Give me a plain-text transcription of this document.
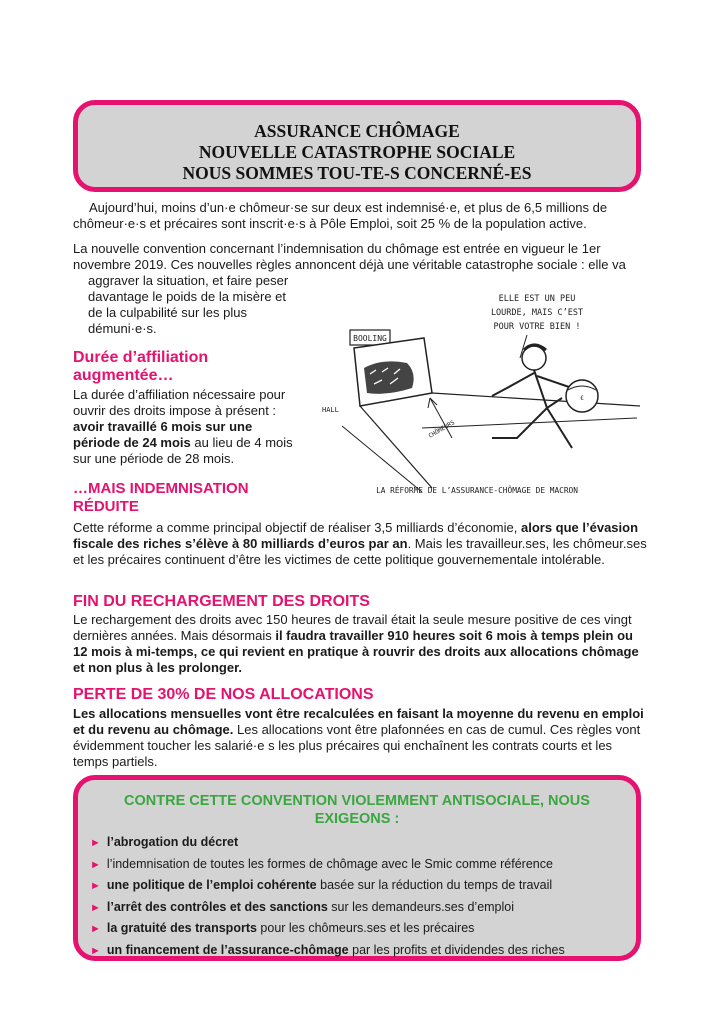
ASSURANCE CHÔMAGE
NOUVELLE CATASTROPHE SOCIALE
NOUS SOMMES TOU-TE-S CONCERNÉ-ES

Aujourd’hui, moins d’un·e chômeur·se sur deux est indemnisé·e, et plus de 6,5 millions de chômeur·e·s et précaires sont inscrit·e·s à Pôle Emploi, soit 25 % de la population active.

La nouvelle convention concernant l’indemnisation du chômage est entrée en vigueur le 1er novembre 2019. Ces nouvelles règles annoncent déjà une véritable catastrophe sociale : elle va

aggraver la situation, et faire peser davantage le poids de la misère et de la culpabilité sur les plus démuni·e·s.

Durée d’affiliation augmentée…

La durée d’affiliation nécessaire pour ouvrir des droits impose à présent : avoir travaillé 6 mois sur une période de 24 mois au lieu de 4 mois sur une période de 28 mois.

ELLE EST UN PEU
LOURDE, MAIS C’EST
POUR VOTRE BIEN !
BOOLING
CHÔMEURS
HALL
€
LA RÉFORME DE L’ASSURANCE-CHÔMAGE DE MACRON
…MAIS INDEMNISATION RÉDUITE

Cette réforme a comme principal objectif de réaliser 3,5 milliards d’économie, alors que l’évasion fiscale des riches s’élève à 80 milliards d’euros par an. Mais les travailleur.ses, les chômeur.ses et les précaires continuent d’être les victimes de cette politique gouvernementale intolérable.

FIN DU RECHARGEMENT DES DROITS

Le rechargement des droits avec 150 heures de travail était la seule mesure positive de ces vingt dernières années. Mais désormais il faudra travailler 910 heures soit 6 mois à temps plein ou 12 mois à mi-temps, ce qui revient en pratique à rouvrir des droits aux allocations chômage et non plus à les prolonger.

PERTE DE 30% DE NOS ALLOCATIONS

Les allocations mensuelles vont être recalculées en faisant la moyenne du revenu en emploi et du revenu au chômage. Les allocations vont être plafonnées en cas de cumul. Ces règles vont évidemment toucher les salarié·e s les plus précaires qui enchaînent les contrats courts et les temps partiels.

CONTRE CETTE CONVENTION VIOLEMMENT ANTISOCIALE, NOUS
EXIGEONS :
► l’abrogation du décret
► l’indemnisation de toutes les formes de chômage avec le Smic comme référence
► une politique de l’emploi cohérente basée sur la réduction du temps de travail
► l’arrêt des contrôles et des sanctions sur les demandeurs.ses d’emploi
► la gratuité des transports pour les chômeurs.ses et les précaires
► un financement de l’assurance-chômage par les profits et dividendes des riches
